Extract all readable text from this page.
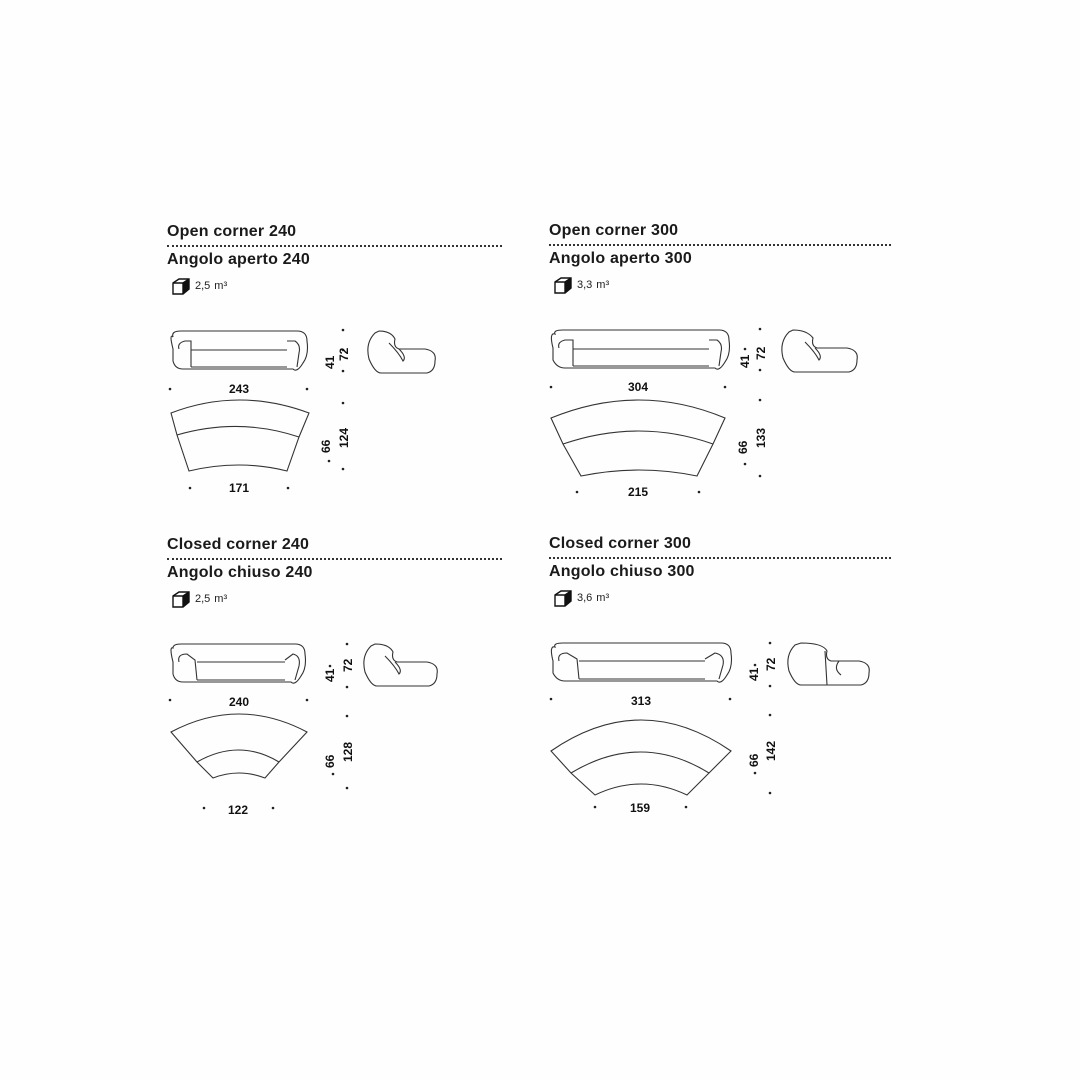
Open corner 240
Angolo aperto 240
2,5 m³
243
41
72
171
66 124
Open corner 300
Angolo aperto 300
3,3 m³
304
41
72
215
66 133
Closed corner 240
Angolo chiuso 240
2,5 m³
240
41
72
122
66 128
Closed corner 300
Angolo chiuso 300
3,6 m³
313
41
72
159
66 142
